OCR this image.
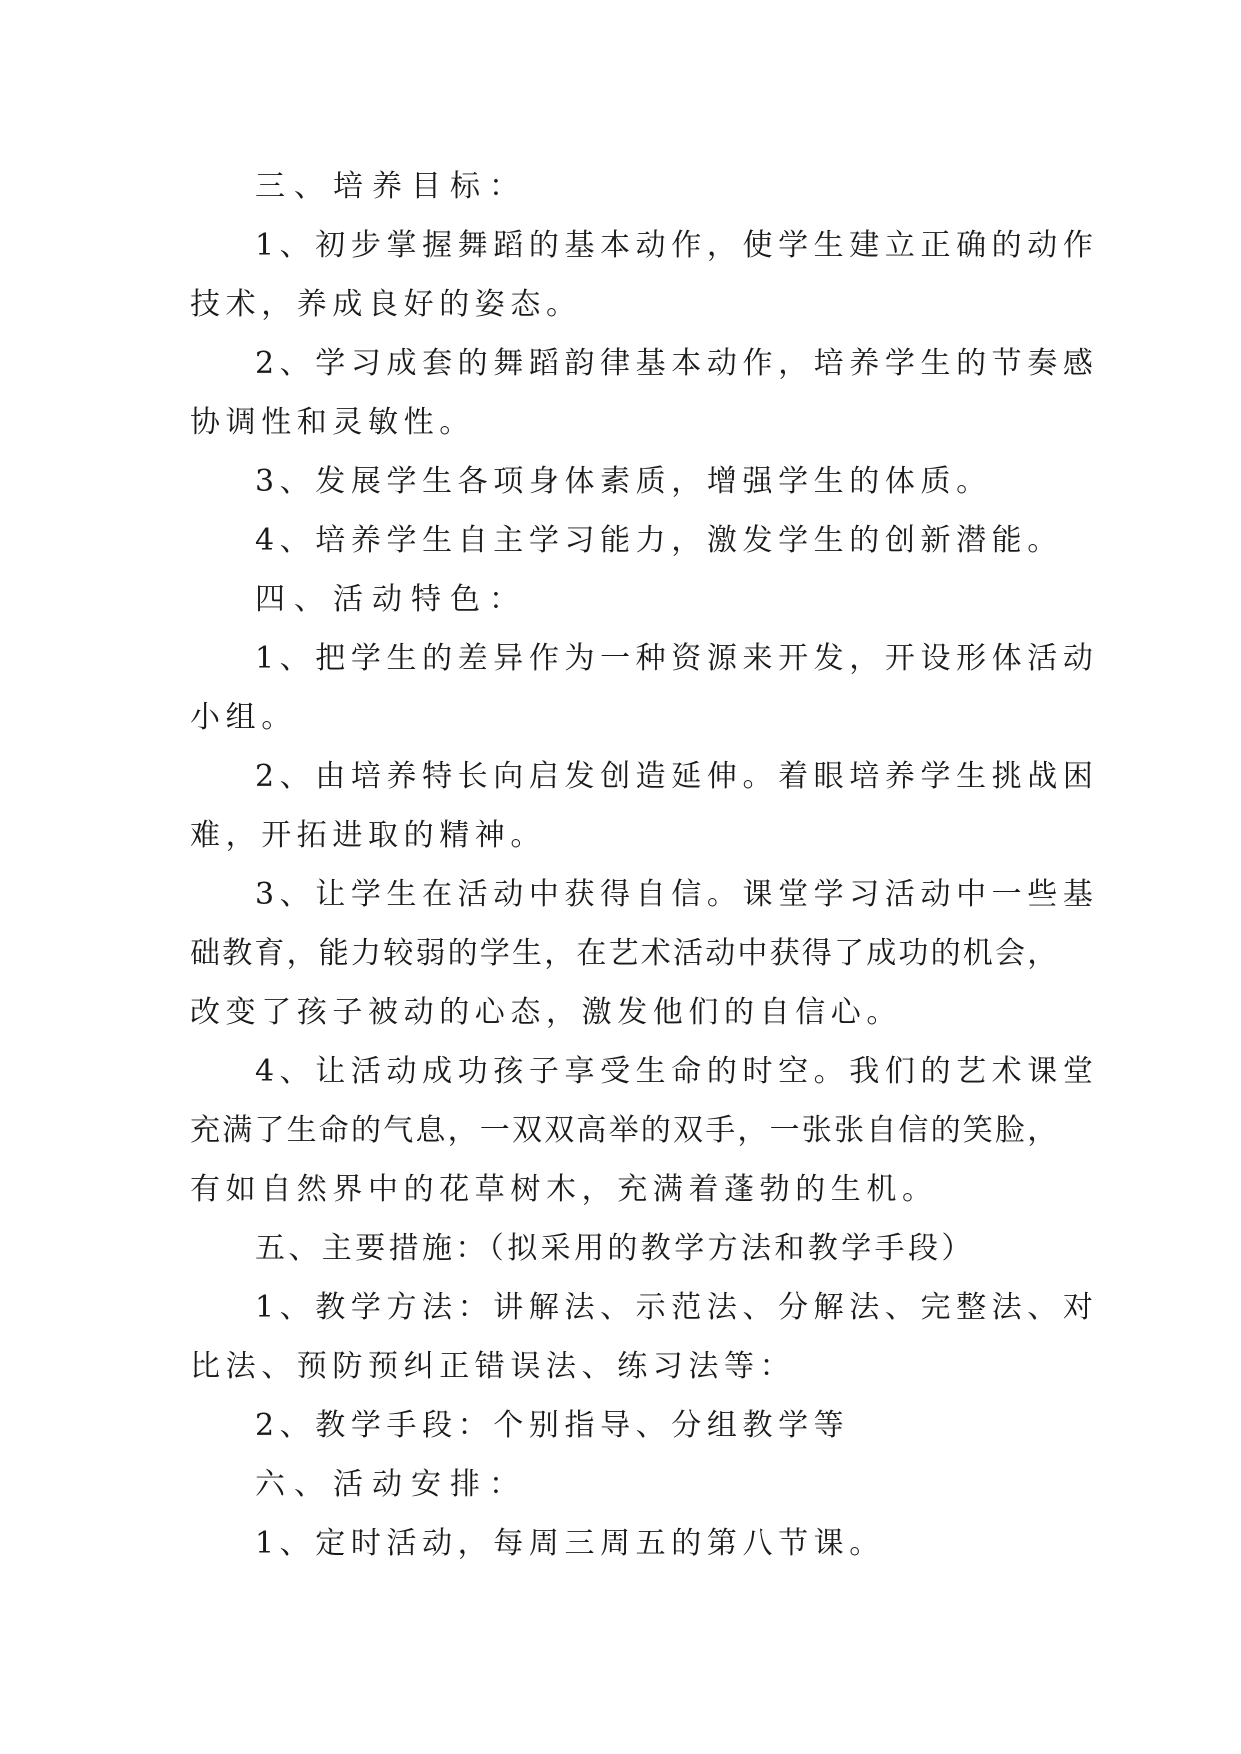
三、培养目标：

1、初步掌握舞蹈的基本动作，使学生建立正确的动作

技术，养成良好的姿态。

2、学习成套的舞蹈韵律基本动作，培养学生的节奏感

协调性和灵敏性。

3、发展学生各项身体素质，增强学生的体质。

4、培养学生自主学习能力，激发学生的创新潜能。

四、活动特色：

1、把学生的差异作为一种资源来开发，开设形体活动

小组。

2、由培养特长向启发创造延伸。着眼培养学生挑战困

难，开拓进取的精神。

3、让学生在活动中获得自信。课堂学习活动中一些基

础教育，能力较弱的学生，在艺术活动中获得了成功的机会，

改变了孩子被动的心态，激发他们的自信心。

4、让活动成功孩子享受生命的时空。我们的艺术课堂

充满了生命的气息，一双双高举的双手，一张张自信的笑脸，

有如自然界中的花草树木，充满着蓬勃的生机。

五、主要措施：（拟采用的教学方法和教学手段）

1、教学方法：讲解法、示范法、分解法、完整法、对

比法、预防预纠正错误法、练习法等：

2、教学手段：个别指导、分组教学等

六、活动安排：

1、定时活动，每周三周五的第八节课。
